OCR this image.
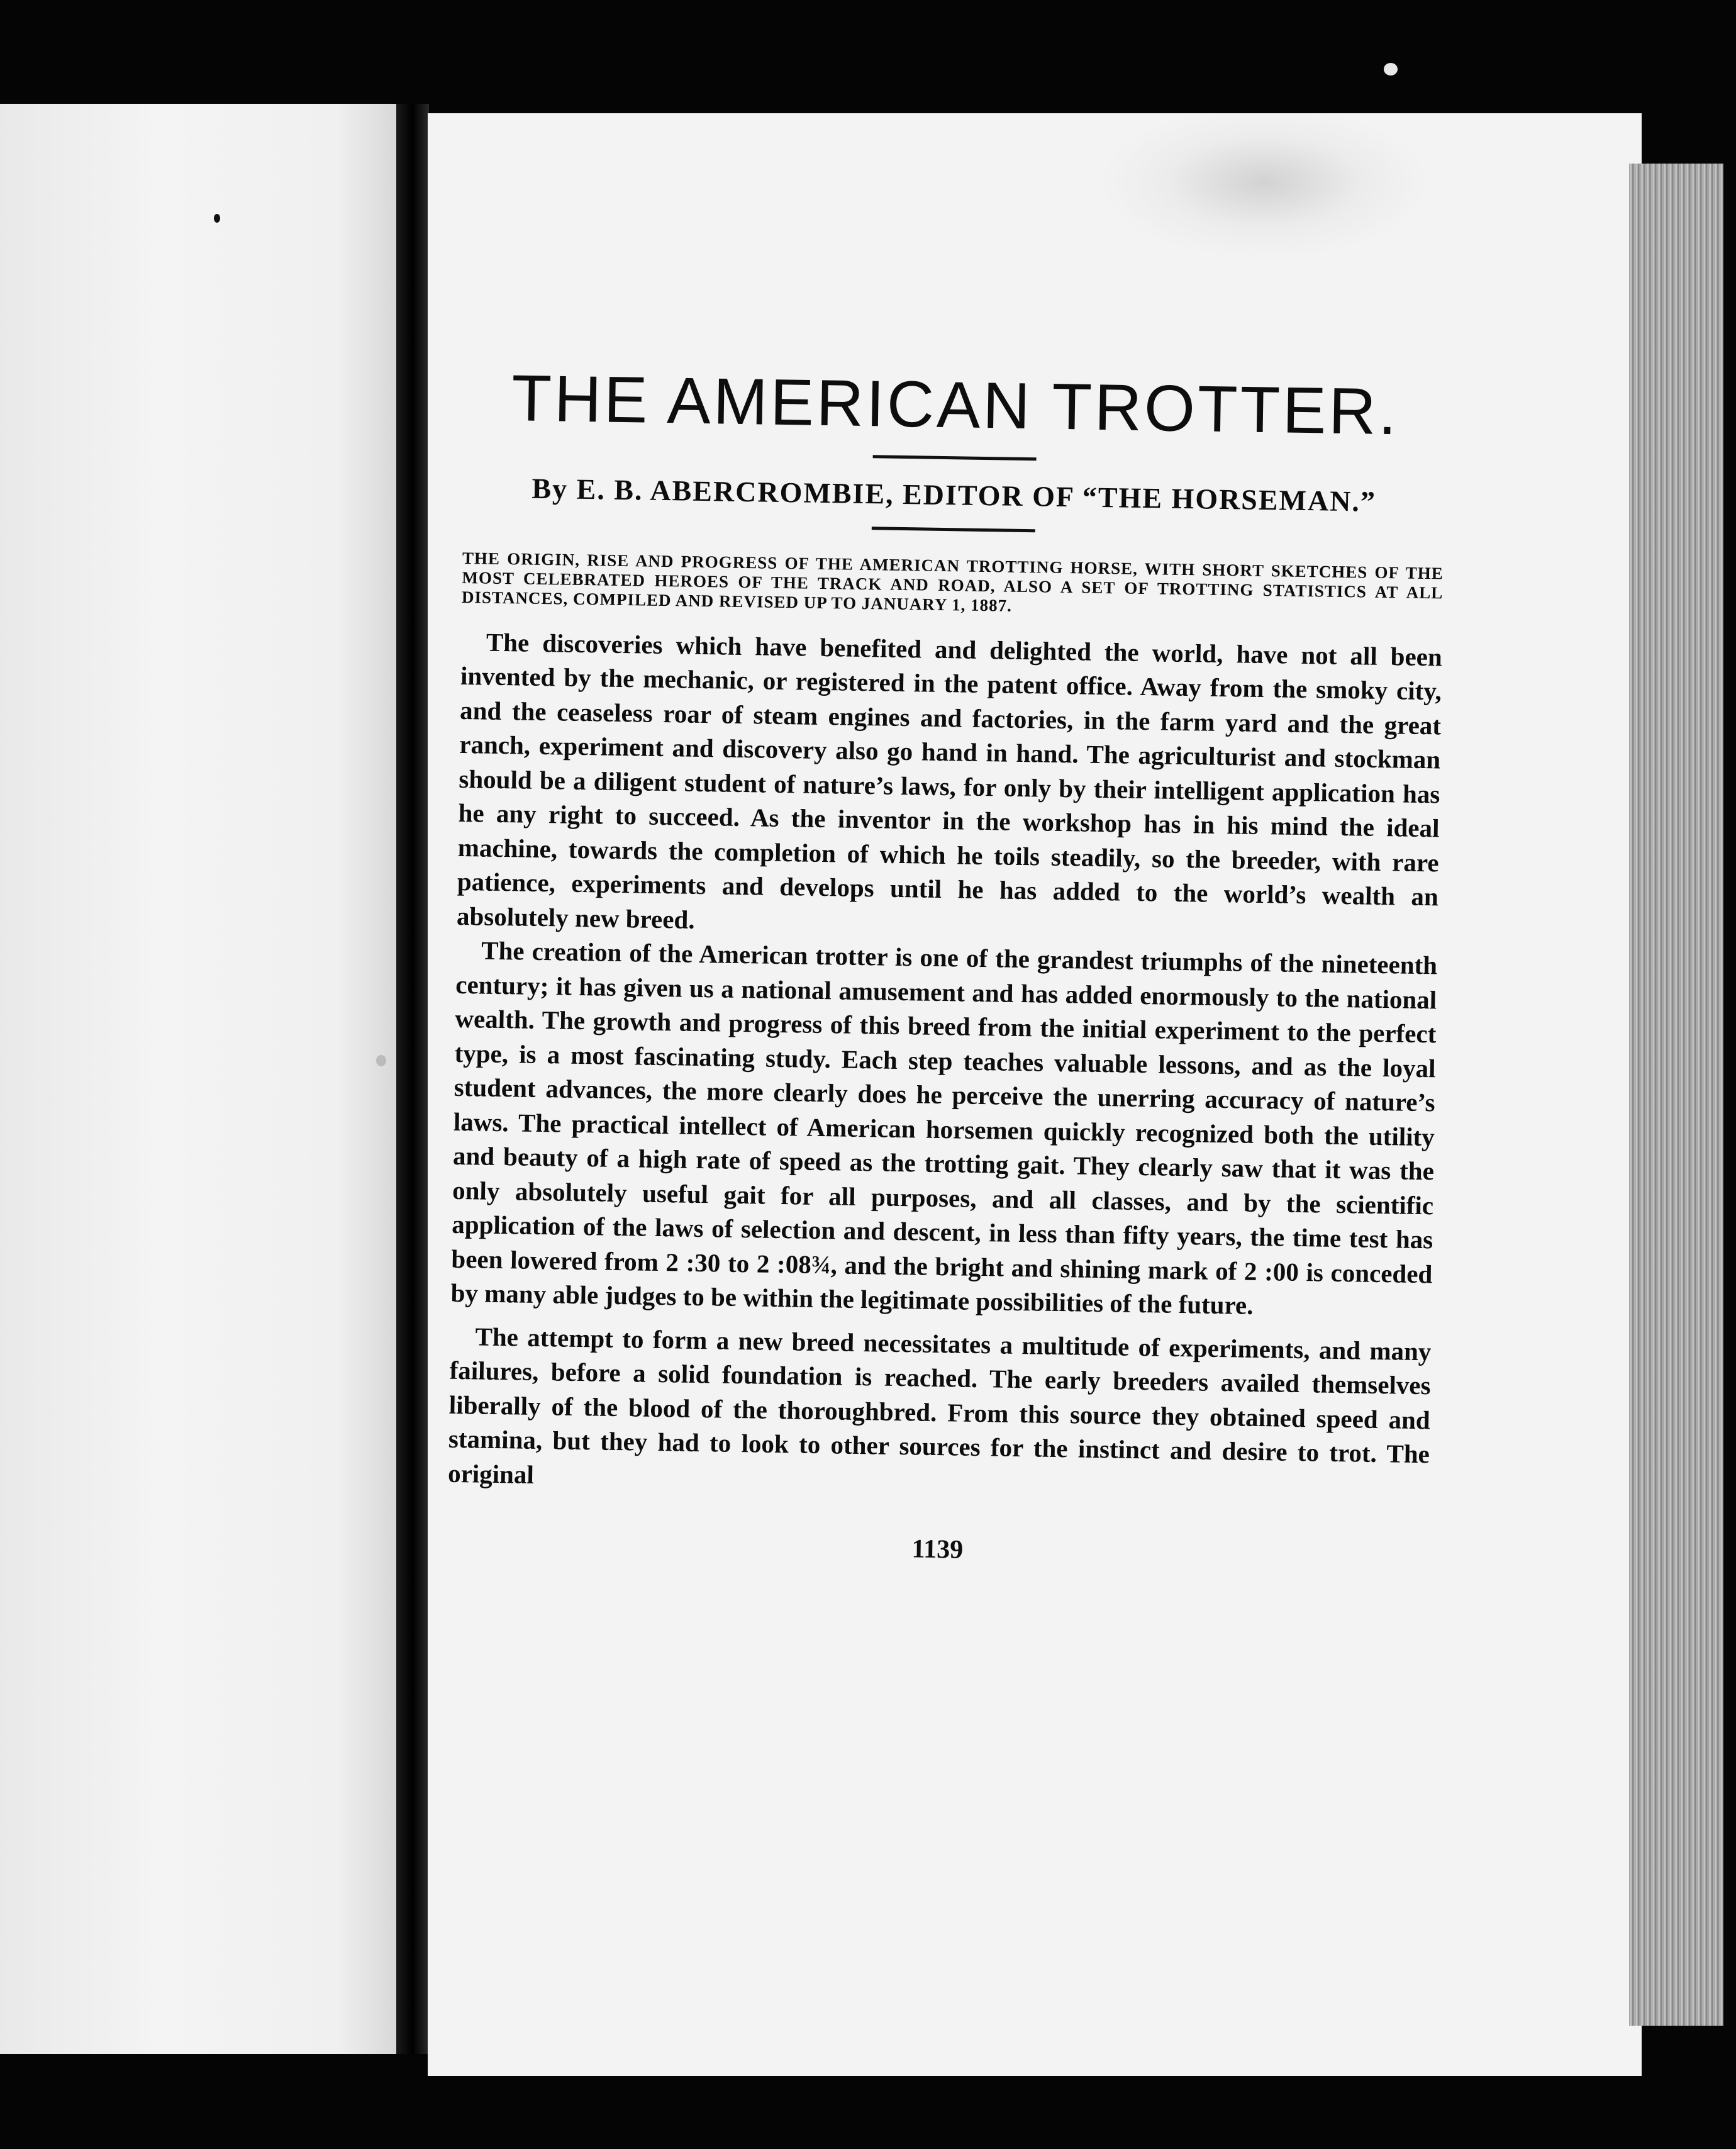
THE AMERICAN TROTTER.
By E. B. ABERCROMBIE, EDITOR OF “THE HORSEMAN.”
THE ORIGIN, RISE AND PROGRESS OF THE AMERICAN TROTTING HORSE, WITH SHORT SKETCHES OF THE MOST CELEBRATED HEROES OF THE TRACK AND ROAD, ALSO A SET OF TROTTING STATISTICS AT ALL DISTANCES, COMPILED AND REVISED UP TO JANUARY 1, 1887.

The discoveries which have benefited and delighted the world, have not all been invented by the mechanic, or registered in the patent office. Away from the smoky city, and the ceaseless roar of steam engines and factories, in the farm yard and the great ranch, experiment and discovery also go hand in hand. The agriculturist and stockman should be a diligent student of nature’s laws, for only by their intelligent application has he any right to succeed. As the inventor in the workshop has in his mind the ideal machine, towards the completion of which he toils steadily, so the breeder, with rare patience, experiments and develops until he has added to the world’s wealth an absolutely new breed.

The creation of the American trotter is one of the grandest triumphs of the nineteenth century; it has given us a national amusement and has added enormously to the national wealth. The growth and progress of this breed from the initial experiment to the perfect type, is a most fascinating study. Each step teaches valuable lessons, and as the loyal student advances, the more clearly does he perceive the unerring accuracy of nature’s laws. The practical intellect of American horsemen quickly recognized both the utility and beauty of a high rate of speed as the trotting gait. They clearly saw that it was the only absolutely useful gait for all purposes, and all classes, and by the scientific application of the laws of selection and descent, in less than fifty years, the time test has been lowered from 2 :30 to 2 :08¾, and the bright and shining mark of 2 :00 is conceded by many able judges to be within the legitimate possibilities of the future.

The attempt to form a new breed necessitates a multitude of experiments, and many failures, before a solid foundation is reached. The early breeders availed themselves liberally of the blood of the thoroughbred. From this source they obtained speed and stamina, but they had to look to other sources for the instinct and desire to trot. The original

1139
